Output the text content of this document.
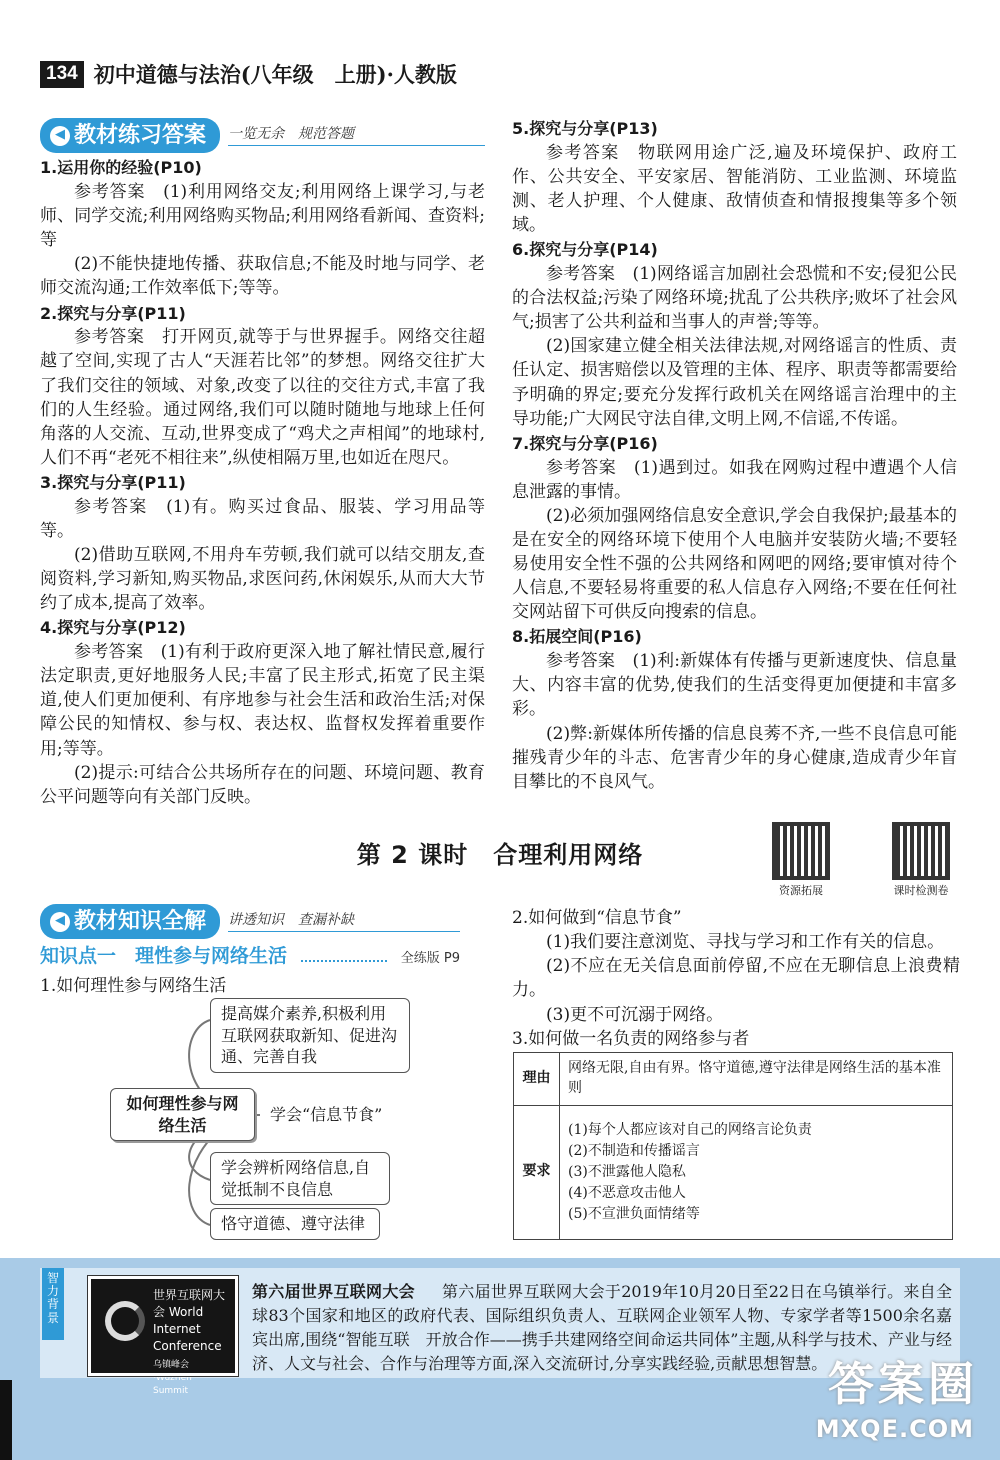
134 初中道德与法治(八年级　上册)·人教版
◀ 教材练习答案 一览无余　规范答题
1.运用你的经验(P10)
参考答案　(1)利用网络交友;利用网络上课学习,与老师、同学交流;利用网络购买物品;利用网络看新闻、查资料;等
(2)不能快捷地传播、获取信息;不能及时地与同学、老师交流沟通;工作效率低下;等等。
2.探究与分享(P11)
参考答案　打开网页,就等于与世界握手。网络交往超越了空间,实现了古人“天涯若比邻”的梦想。网络交往扩大了我们交往的领域、对象,改变了以往的交往方式,丰富了我们的人生经验。通过网络,我们可以随时随地与地球上任何角落的人交流、互动,世界变成了“鸡犬之声相闻”的地球村,人们不再“老死不相往来”,纵使相隔万里,也如近在咫尺。
3.探究与分享(P11)
参考答案　(1)有。购买过食品、服装、学习用品等等。
(2)借助互联网,不用舟车劳顿,我们就可以结交朋友,查阅资料,学习新知,购买物品,求医问药,休闲娱乐,从而大大节约了成本,提高了效率。
4.探究与分享(P12)
参考答案　(1)有利于政府更深入地了解社情民意,履行法定职责,更好地服务人民;丰富了民主形式,拓宽了民主渠道,使人们更加便利、有序地参与社会生活和政治生活;对保障公民的知情权、参与权、表达权、监督权发挥着重要作用;等等。
(2)提示:可结合公共场所存在的问题、环境问题、教育公平问题等向有关部门反映。
5.探究与分享(P13)
参考答案　物联网用途广泛,遍及环境保护、政府工作、公共安全、平安家居、智能消防、工业监测、环境监测、老人护理、个人健康、敌情侦查和情报搜集等多个领域。
6.探究与分享(P14)
参考答案　(1)网络谣言加剧社会恐慌和不安;侵犯公民的合法权益;污染了网络环境;扰乱了公共秩序;败坏了社会风气;损害了公共利益和当事人的声誉;等等。
(2)国家建立健全相关法律法规,对网络谣言的性质、责任认定、损害赔偿以及管理的主体、程序、职责等都需要给予明确的界定;要充分发挥行政机关在网络谣言治理中的主导功能;广大网民守法自律,文明上网,不信谣,不传谣。
7.探究与分享(P16)
参考答案　(1)遇到过。如我在网购过程中遭遇个人信息泄露的事情。
(2)必须加强网络信息安全意识,学会自我保护;最基本的是在安全的网络环境下使用个人电脑并安装防火墙;不要轻易使用安全性不强的公共网络和网吧的网络;要审慎对待个人信息,不要轻易将重要的私人信息存入网络;不要在任何社交网站留下可供反向搜索的信息。
8.拓展空间(P16)
参考答案　(1)利:新媒体有传播与更新速度快、信息量大、内容丰富的优势,使我们的生活变得更加便捷和丰富多彩。
(2)弊:新媒体所传播的信息良莠不齐,一些不良信息可能摧残青少年的斗志、危害青少年的身心健康,造成青少年盲目攀比的不良风气。
第 2 课时　合理利用网络
资源拓展	课时检测卷
◀ 教材知识全解 讲透知识　查漏补缺
知识点一　理性参与网络生活	全练版 P9
1.如何理性参与网络生活
提高媒介素养,积极利用互联网获取新知、促进沟通、完善自我
如何理性参与网络生活
学会“信息节食”
学会辨析网络信息,自觉抵制不良信息
恪守道德、遵守法律
2.如何做到“信息节食”
(1)我们要注意浏览、寻找与学习和工作有关的信息。
(2)不应在无关信息面前停留,不应在无聊信息上浪费精力。
(3)更不可沉溺于网络。
3.如何做一名负责的网络参与者
理由	网络无限,自由有界。恪守道德,遵守法律是网络生活的基本准则
要求	(1)每个人都应该对自己的网络言论负责
(2)不制造和传播谣言
(3)不泄露他人隐私
(4)不恶意攻击他人
(5)不宣泄负面情绪等
智力背景
世界互联网大会 World Internet Conference
乌镇峰会·Wuzhen Summit
第六届世界互联网大会 　 第六届世界互联网大会于2019年10月20日至22日在乌镇举行。来自全球83个国家和地区的政府代表、国际组织负责人、互联网企业领军人物、专家学者等1500余名嘉宾出席,围绕“智能互联　开放合作——携手共建网络空间命运共同体”主题,从科学与技术、产业与经济、人文与社会、合作与治理等方面,深入交流研讨,分享实践经验,贡献思想智慧。 答案圈
MXQE.COM
